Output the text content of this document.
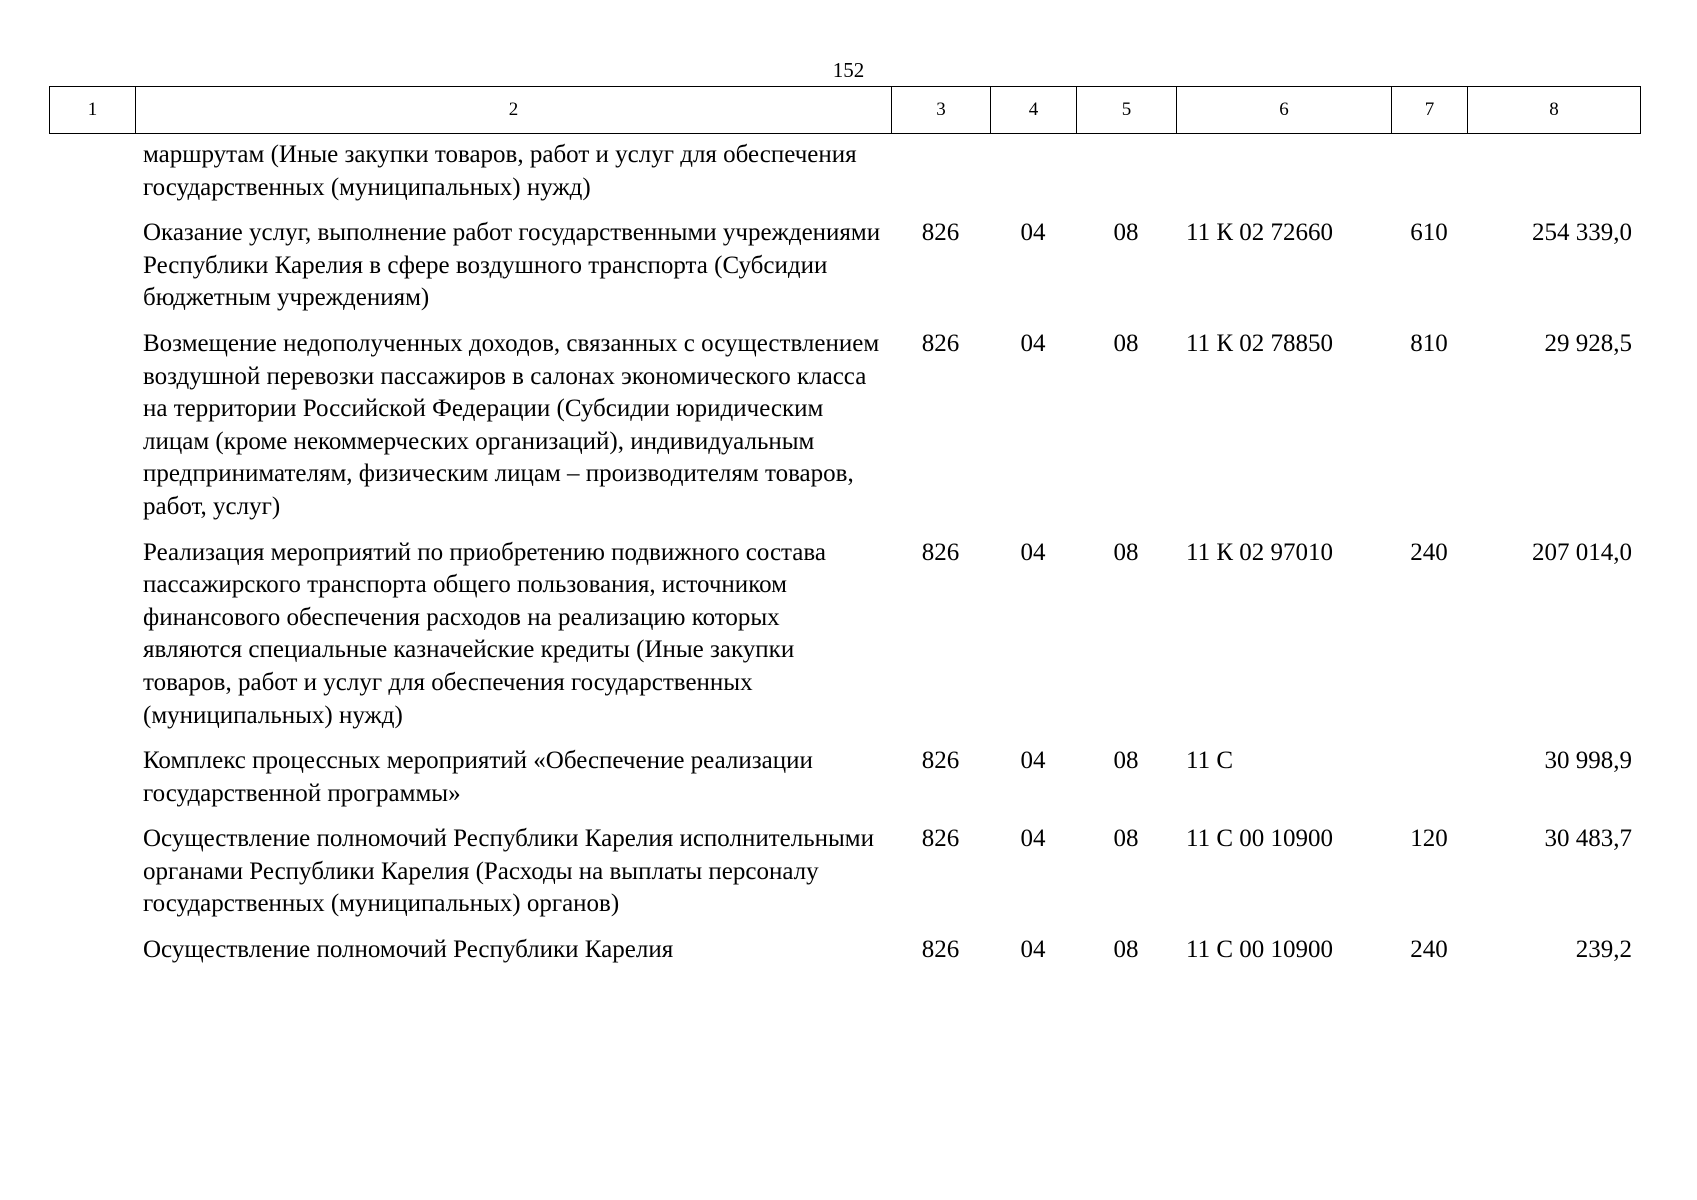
152
1	2	3	4	5	6	7	8
маршрутам (Иные закупки товаров, работ и услуг для обеспечения государственных (муниципальных) нужд)						
Оказание услуг, выполнение работ государственными учреждениями Республики Карелия в сфере воздушного транспорта (Субсидии бюджетным учреждениям)	826	04	08	11 К 02 72660	610	254 339,0
Возмещение недополученных доходов, связанных с осуществлением воздушной перевозки пассажиров в салонах экономического класса на территории Российской Федерации (Субсидии юридическим лицам (кроме некоммерческих организаций), индивидуальным предпринимателям, физическим лицам – производителям товаров, работ, услуг)	826	04	08	11 К 02 78850	810	29 928,5
Реализация мероприятий по приобретению подвижного состава пассажирского транспорта общего пользования, источником финансового обеспечения расходов на реализацию которых являются специальные казначейские кредиты (Иные закупки товаров, работ и услуг для обеспечения государственных (муниципальных) нужд)	826	04	08	11 К 02 97010	240	207 014,0
Комплекс процессных мероприятий «Обеспечение реализации государственной программы»	826	04	08	11 С		30 998,9
Осуществление полномочий Республики Карелия исполнительными органами Республики Карелия (Расходы на выплаты персоналу государственных (муниципальных) органов)	826	04	08	11 С 00 10900	120	30 483,7
Осуществление полномочий Республики Карелия	826	04	08	11 С 00 10900	240	239,2
